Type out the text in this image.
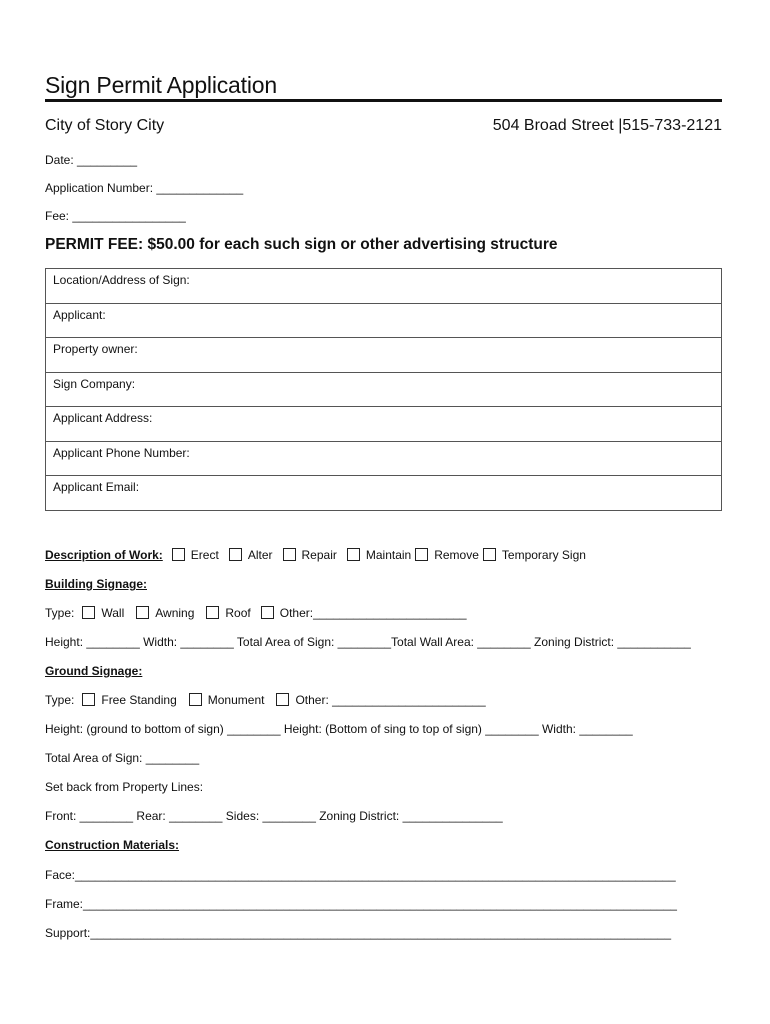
Sign Permit Application
City of Story City	504 Broad Street |515-733-2121
Date: _________
Application Number: _____________
Fee: _________________
PERMIT FEE: $50.00 for each such sign or other advertising structure
Location/Address of Sign:
Applicant:
Property owner:
Sign Company:
Applicant Address:
Applicant Phone Number:
Applicant Email:
Description of Work: Erect Alter Repair Maintain Remove Temporary Sign
Building Signage:
Type: Wall	Awning	Roof Other:_______________________
Height: ________ Width: ________ Total Area of Sign: ________Total Wall Area: ________ Zoning District: ___________
Ground Signage:
Type: Free Standing	Monument	Other: _______________________
Height: (ground to bottom of sign) ________ Height: (Bottom of sing to top of sign) ________ Width: ________
Total Area of Sign: ________
Set back from Property Lines:
Front: ________ Rear: ________ Sides: ________ Zoning District: _______________
Construction Materials:
Face:__________________________________________________________________________________________
Frame:_________________________________________________________________________________________
Support:_______________________________________________________________________________________
